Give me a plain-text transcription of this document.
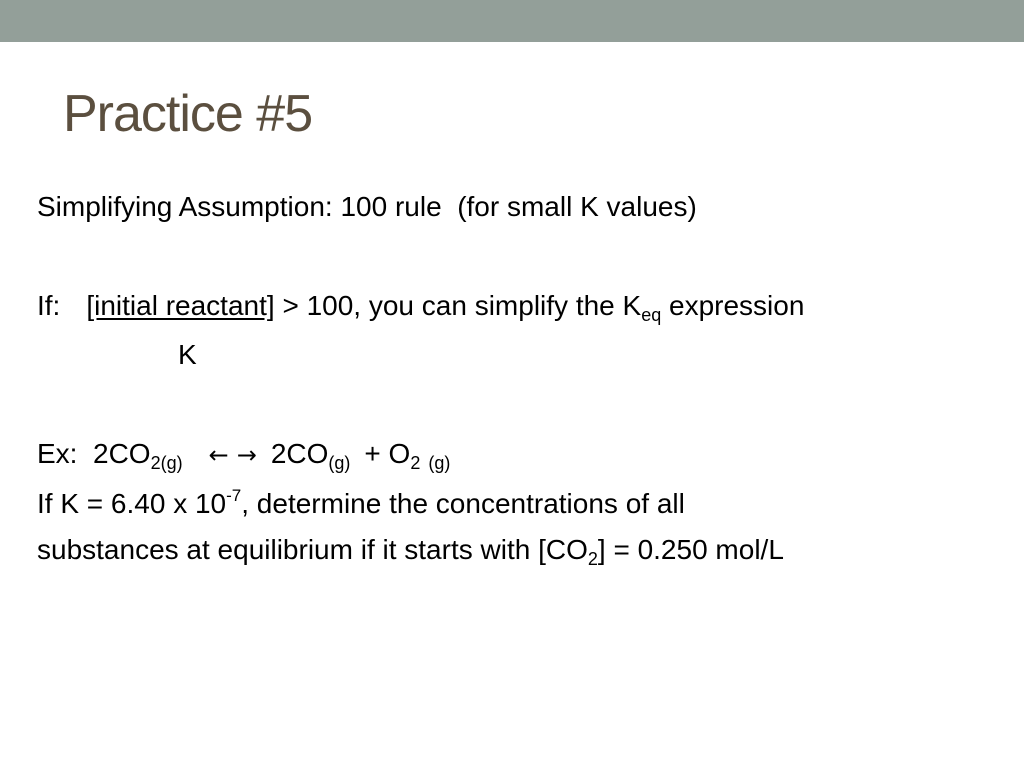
Practice #5
Simplifying Assumption: 100 rule  (for small K values)
If: [initial reactant] > 100, you can simplify the $K_{eq}$ expression
K
Ex:  $2CO_{2(g)}$ ← → $2CO_{(g)} + O_2$ $_{(g)}$
If K = 6.40 x $10^{-7}$, determine the concentrations of all
substances at equilibrium if it starts with $[CO_2] = 0.250$ mol/L
